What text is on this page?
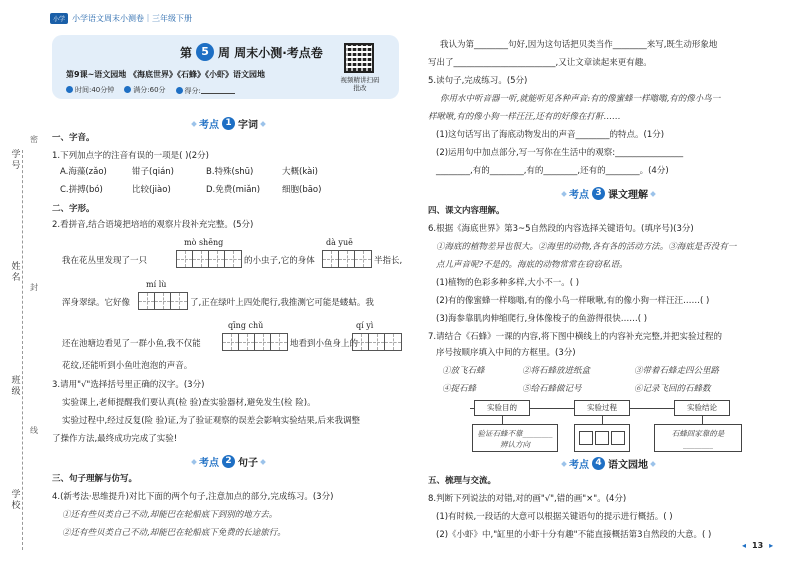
学号
姓名
班级
学校
密
封
线
小学 小学语文周末小测卷｜三年级下册
第 5 周 周末小测·考点卷
第9课~语文园地 《海底世界》《石蜂》《小虾》语文园地
时间:40分钟	满分:60分	得分:
视频精讲扫码批改
考点 1 字词
一、字音。
1.下列加点字的注音有误的一项是( )(2分)
A.海藻(zǎo)	钳子(qián)	B.特殊(shū)	大概(kài)
C.拼搏(bó)	比较(jiào)	D.免费(miǎn)	细胞(bāo)
二、字形。
2.看拼音,结合语境把培培的观察片段补充完整。(5分)
mò shēng	dà yuē
我在花丛里发现了一只	的小虫子,它的身体	半指长,
mí lù
浑身翠绿。它好像	了,正在绿叶上四处爬行,我推测它可能是蝼蛄。我
qīng chǔ	qí yì
还在池塘边看见了一群小鱼,我不仅能	地看到小鱼身上的
花纹,还能听到小鱼吐泡泡的声音。
3.请用"√"选择括号里正确的汉字。(3分)
实验课上,老师提醒我们要认真(检 验)查实验器材,避免发生(检 险)。
实验过程中,经过反复(险 验)证,为了验证观察的误差会影响实验结果,后来我调整
了操作方法,最终成功完成了实验!
考点 2 句子
三、句子理解与仿写。
4.(新考法·思维提升)对比下面的两个句子,注意加点的部分,完成练习。(3分)
①还有些贝类自己不动,却能巴在轮船底下到别的地方去。
②还有些贝类自己不动,却能巴在轮船底下免费的长途旅行。
我认为第________句好,因为这句话把贝类当作________来写,既生动形象地
写出了________________________,又让文章读起来更有趣。
5.读句子,完成练习。(5分)
你用水中听音器一听,就能听见各种声音:有的像蜜蜂一样嗡嗡,有的像小鸟一
样啾啾,有的像小狗一样汪汪,还有的好像在打鼾……
(1)这句话写出了海底动物发出的声音________的特点。(1分)
(2)运用句中加点部分,写一写你在生活中的观察:________________
________,有的________,有的________,还有的________。(4分)
考点 3 课文理解
四、课文内容理解。
6.根据《海底世界》第3~5自然段的内容选择关键语句。(填序号)(3分)
①海底的植物差异也很大。②海里的动物,各有各的活动方法。③海底是否没有一
点儿声音呢?不是的。海底的动物常常在窃窃私语。
(1)植物的色彩多种多样,大小不一。( )
(2)有的像蜜蜂一样嗡嗡,有的像小鸟一样啾啾,有的像小狗一样汪汪……( )
(3)海参靠肌肉伸缩爬行,身体像梭子的鱼游得很快……( )
7.请结合《石蜂》一课的内容,将下图中横线上的内容补充完整,并把实验过程的
序号按顺序填入中间的方框里。(3分)
①放飞石蜂	②将石蜂放进纸盒	③带着石蜂走四公里路
④捉石蜂	⑤给石蜂做记号	⑥记录飞回的石蜂数
实验目的	实验过程	实验结论
验证石蜂不靠________辨认方向
石蜂回家靠的是________
考点 4 语文园地
五、梳理与交流。
8.判断下列说法的对错,对的画"√",错的画"×"。(4分)
(1)有时候,一段话的大意可以根据关键语句的提示进行概括。( )
(2)《小虾》中,"缸里的小虾十分有趣"不能直接概括第3自然段的大意。( )
◂ 13 ▸
